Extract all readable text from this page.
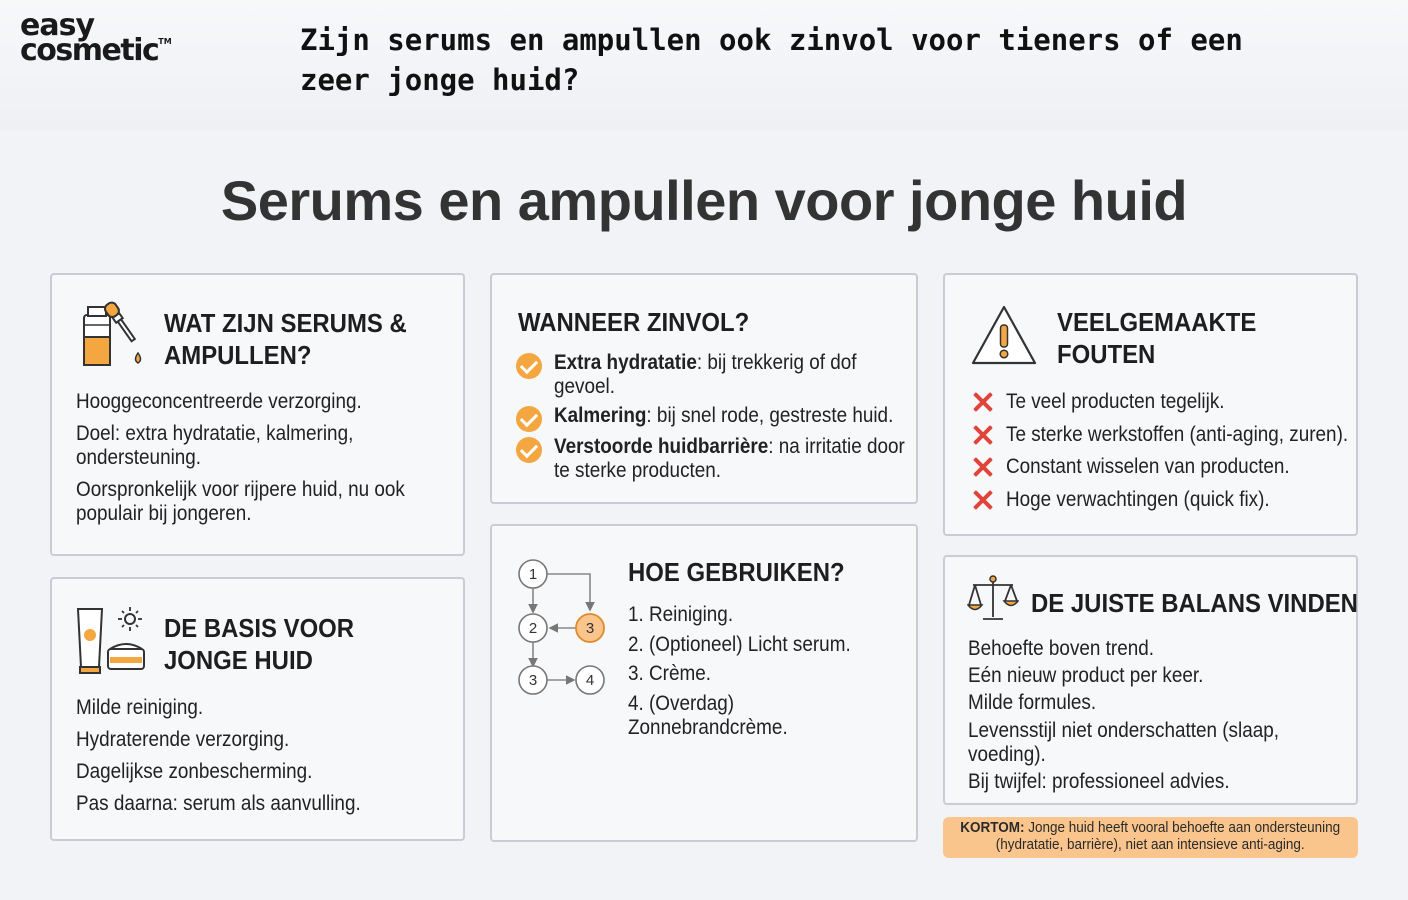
easy
cosmetic™	Zijn serums en ampullen ook zinvol voor tieners of een zeer jonge huid?
Serums en ampullen voor jonge huid
WAT ZIJN SERUMS & AMPULLEN?
Hooggeconcentreerde verzorging.
Doel: extra hydratatie, kalmering, ondersteuning.
Oorspronkelijk voor rijpere huid, nu ook populair bij jongeren.
DE BASIS VOOR JONGE HUID
Milde reiniging.
Hydraterende verzorging.
Dagelijkse zonbescherming.
Pas daarna: serum als aanvulling.
WANNEER ZINVOL?
Extra hydratatie: bij trekkerig of dof gevoel.
Kalmering: bij snel rode, gestreste huid.
Verstoorde huidbarrière: na irritatie door te sterke producten.
1
2	3
3	4
HOE GEBRUIKEN?
1. Reiniging.
2. (Optioneel) Licht serum.
3. Crème.
4. (Overdag) Zonnebrandcrème.
VEELGEMAAKTE FOUTEN
Te veel producten tegelijk.
Te sterke werkstoffen (anti-aging, zuren).
Constant wisselen van producten.
Hoge verwachtingen (quick fix).
DE JUISTE BALANS VINDEN
Behoefte boven trend.
Eén nieuw product per keer.
Milde formules.
Levensstijl niet onderschatten (slaap, voeding).
Bij twijfel: professioneel advies.
KORTOM: Jonge huid heeft vooral behoefte aan ondersteuning
(hydratatie, barrière), niet aan intensieve anti-aging.
